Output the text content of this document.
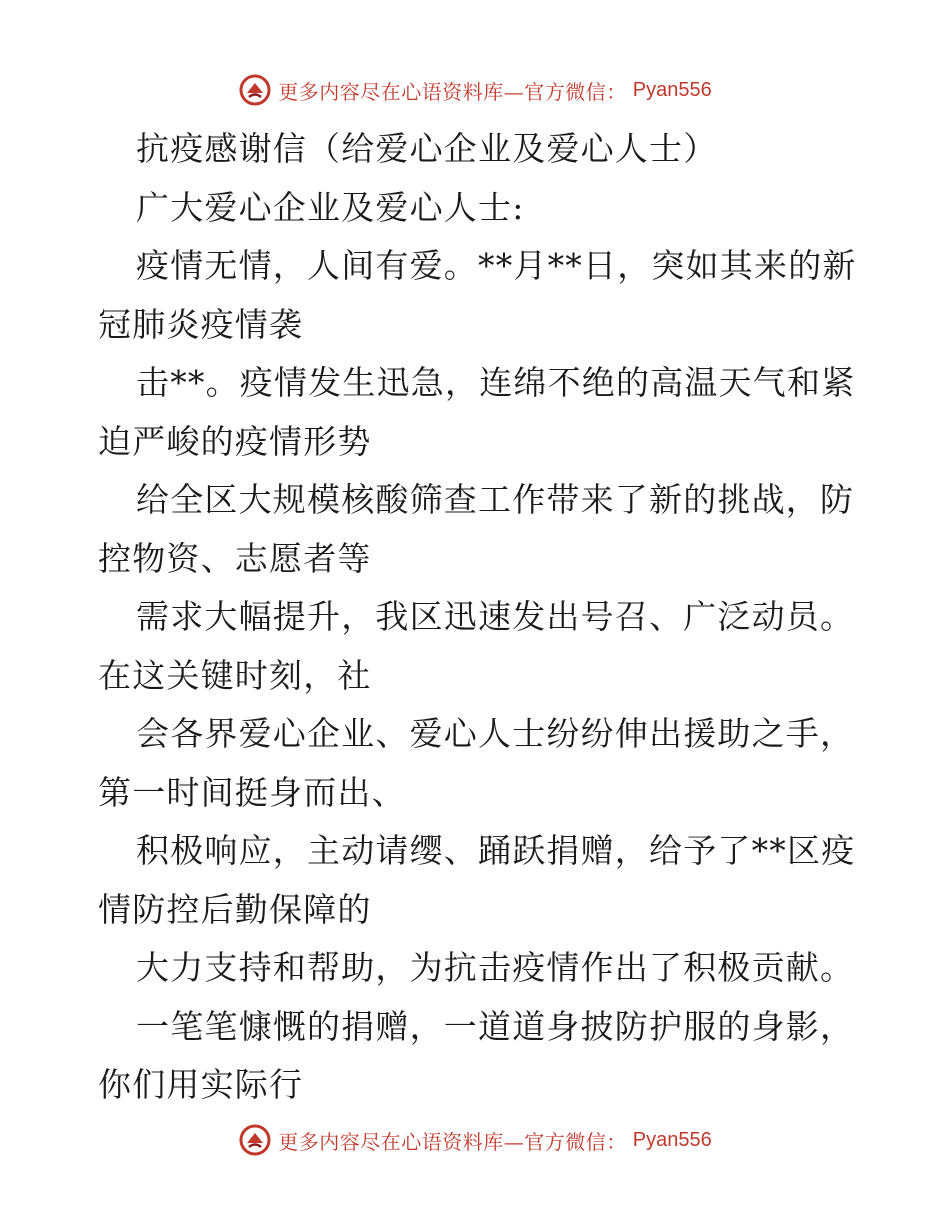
更多内容尽在心语资料库—官方微信： Pyan556
抗疫感谢信（给爱心企业及爱心人士）
广大爱心企业及爱心人士:
疫情无情，人间有爱。**月**日，突如其来的新
冠肺炎疫情袭
击**。疫情发生迅急，连绵不绝的高温天气和紧
迫严峻的疫情形势
给全区大规模核酸筛查工作带来了新的挑战，防
控物资、志愿者等
需求大幅提升，我区迅速发出号召、广泛动员。
在这关键时刻，社
会各界爱心企业、爱心人士纷纷伸出援助之手，
第一时间挺身而出、
积极响应，主动请缨、踊跃捐赠，给予了**区疫
情防控后勤保障的
大力支持和帮助，为抗击疫情作出了积极贡献。
一笔笔慷慨的捐赠，一道道身披防护服的身影，
你们用实际行
更多内容尽在心语资料库—官方微信： Pyan556
